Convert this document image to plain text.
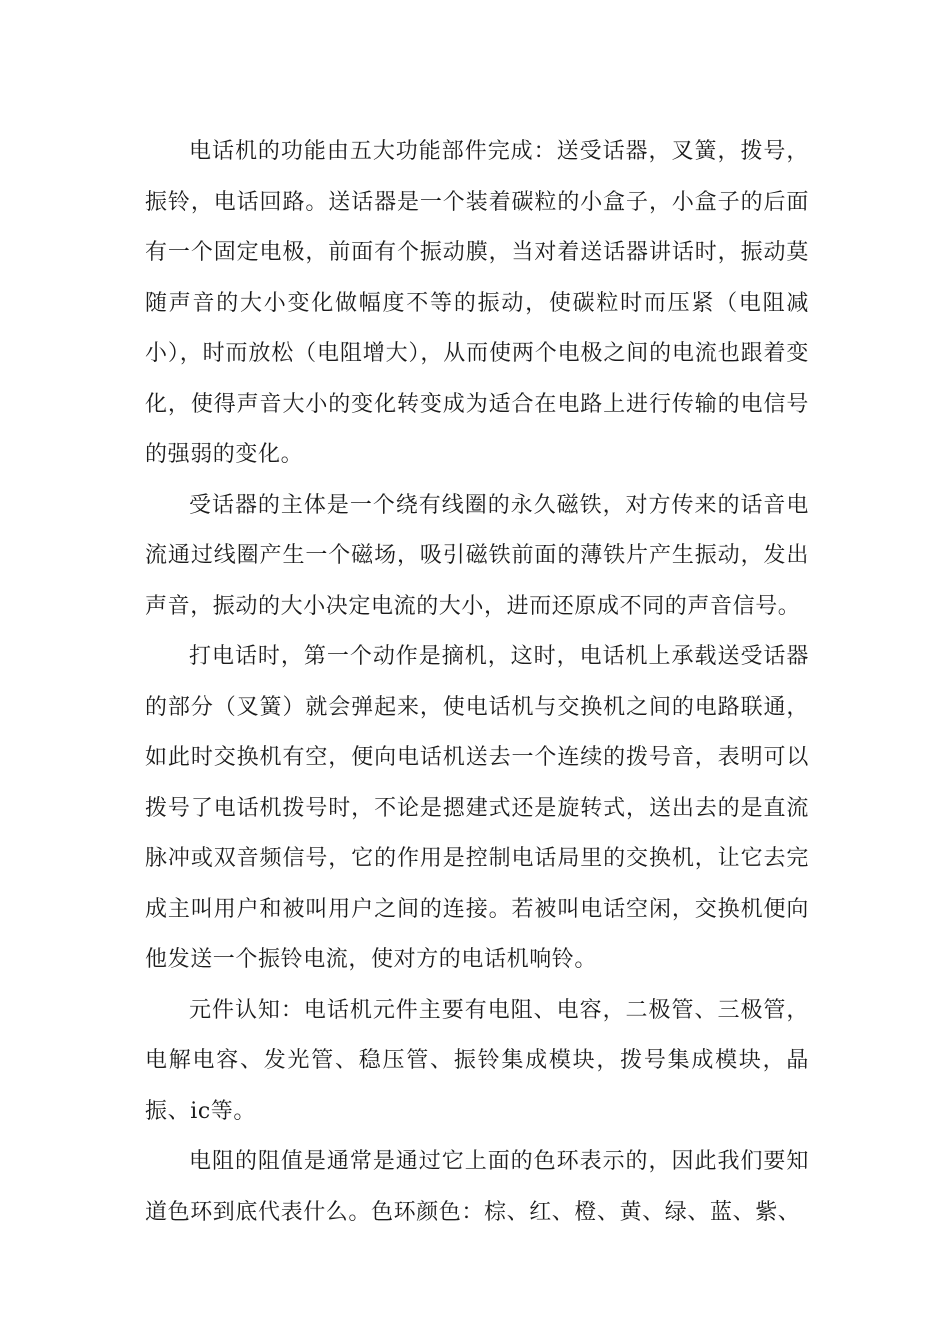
电话机的功能由五大功能部件完成：送受话器，叉簧，拨号，振铃，电话回路。送话器是一个装着碳粒的小盒子，小盒子的后面有一个固定电极，前面有个振动膜，当对着送话器讲话时，振动莫随声音的大小变化做幅度不等的振动，使碳粒时而压紧（电阻减小），时而放松（电阻增大），从而使两个电极之间的电流也跟着变化，使得声音大小的变化转变成为适合在电路上进行传输的电信号的强弱的变化。

受话器的主体是一个绕有线圈的永久磁铁，对方传来的话音电流通过线圈产生一个磁场，吸引磁铁前面的薄铁片产生振动，发出声音，振动的大小决定电流的大小，进而还原成不同的声音信号。

打电话时，第一个动作是摘机，这时，电话机上承载送受话器的部分（叉簧）就会弹起来，使电话机与交换机之间的电路联通，如此时交换机有空，便向电话机送去一个连续的拨号音，表明可以拨号了电话机拨号时，不论是摁建式还是旋转式，送出去的是直流脉冲或双音频信号，它的作用是控制电话局里的交换机，让它去完成主叫用户和被叫用户之间的连接。若被叫电话空闲，交换机便向他发送一个振铃电流，使对方的电话机响铃。

元件认知：电话机元件主要有电阻、电容，二极管、三极管，电解电容、发光管、稳压管、振铃集成模块，拨号集成模块，晶振、ic等。

电阻的阻值是通常是通过它上面的色环表示的，因此我们要知道色环到底代表什么。色环颜色：棕、红、橙、黄、绿、蓝、紫、
